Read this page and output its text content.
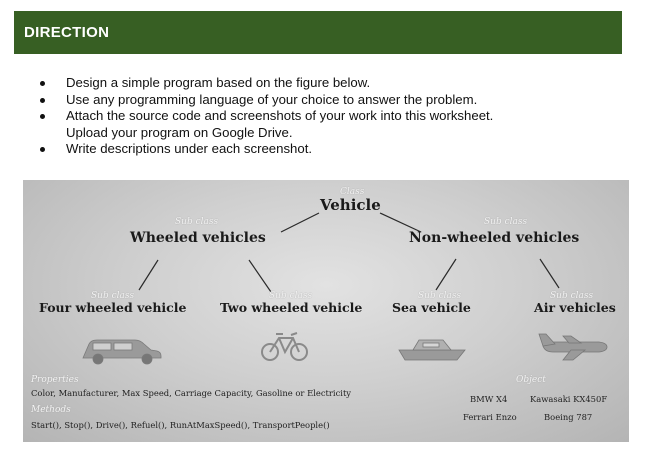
DIRECTION
Design a simple program based on the figure below.
Use any programming language of your choice to answer the problem.
Attach the source code and screenshots of your work into this worksheet.
Upload your program on Google Drive.
Write descriptions under each screenshot.
Class
Vehicle
Sub class
Wheeled vehicles
Sub class
Non-wheeled vehicles
Sub class
Four wheeled vehicle
Sub class
Two wheeled vehicle
Sub class
Sea vehicle
Sub class
Air vehicles
Properties
Color, Manufacturer, Max Speed, Carriage Capacity, Gasoline or Electricity
Methods
Start(), Stop(), Drive(), Refuel(), RunAtMaxSpeed(), TransportPeople()
Object
BMW X4	Kawasaki KX450F
Ferrari Enzo	Boeing 787
